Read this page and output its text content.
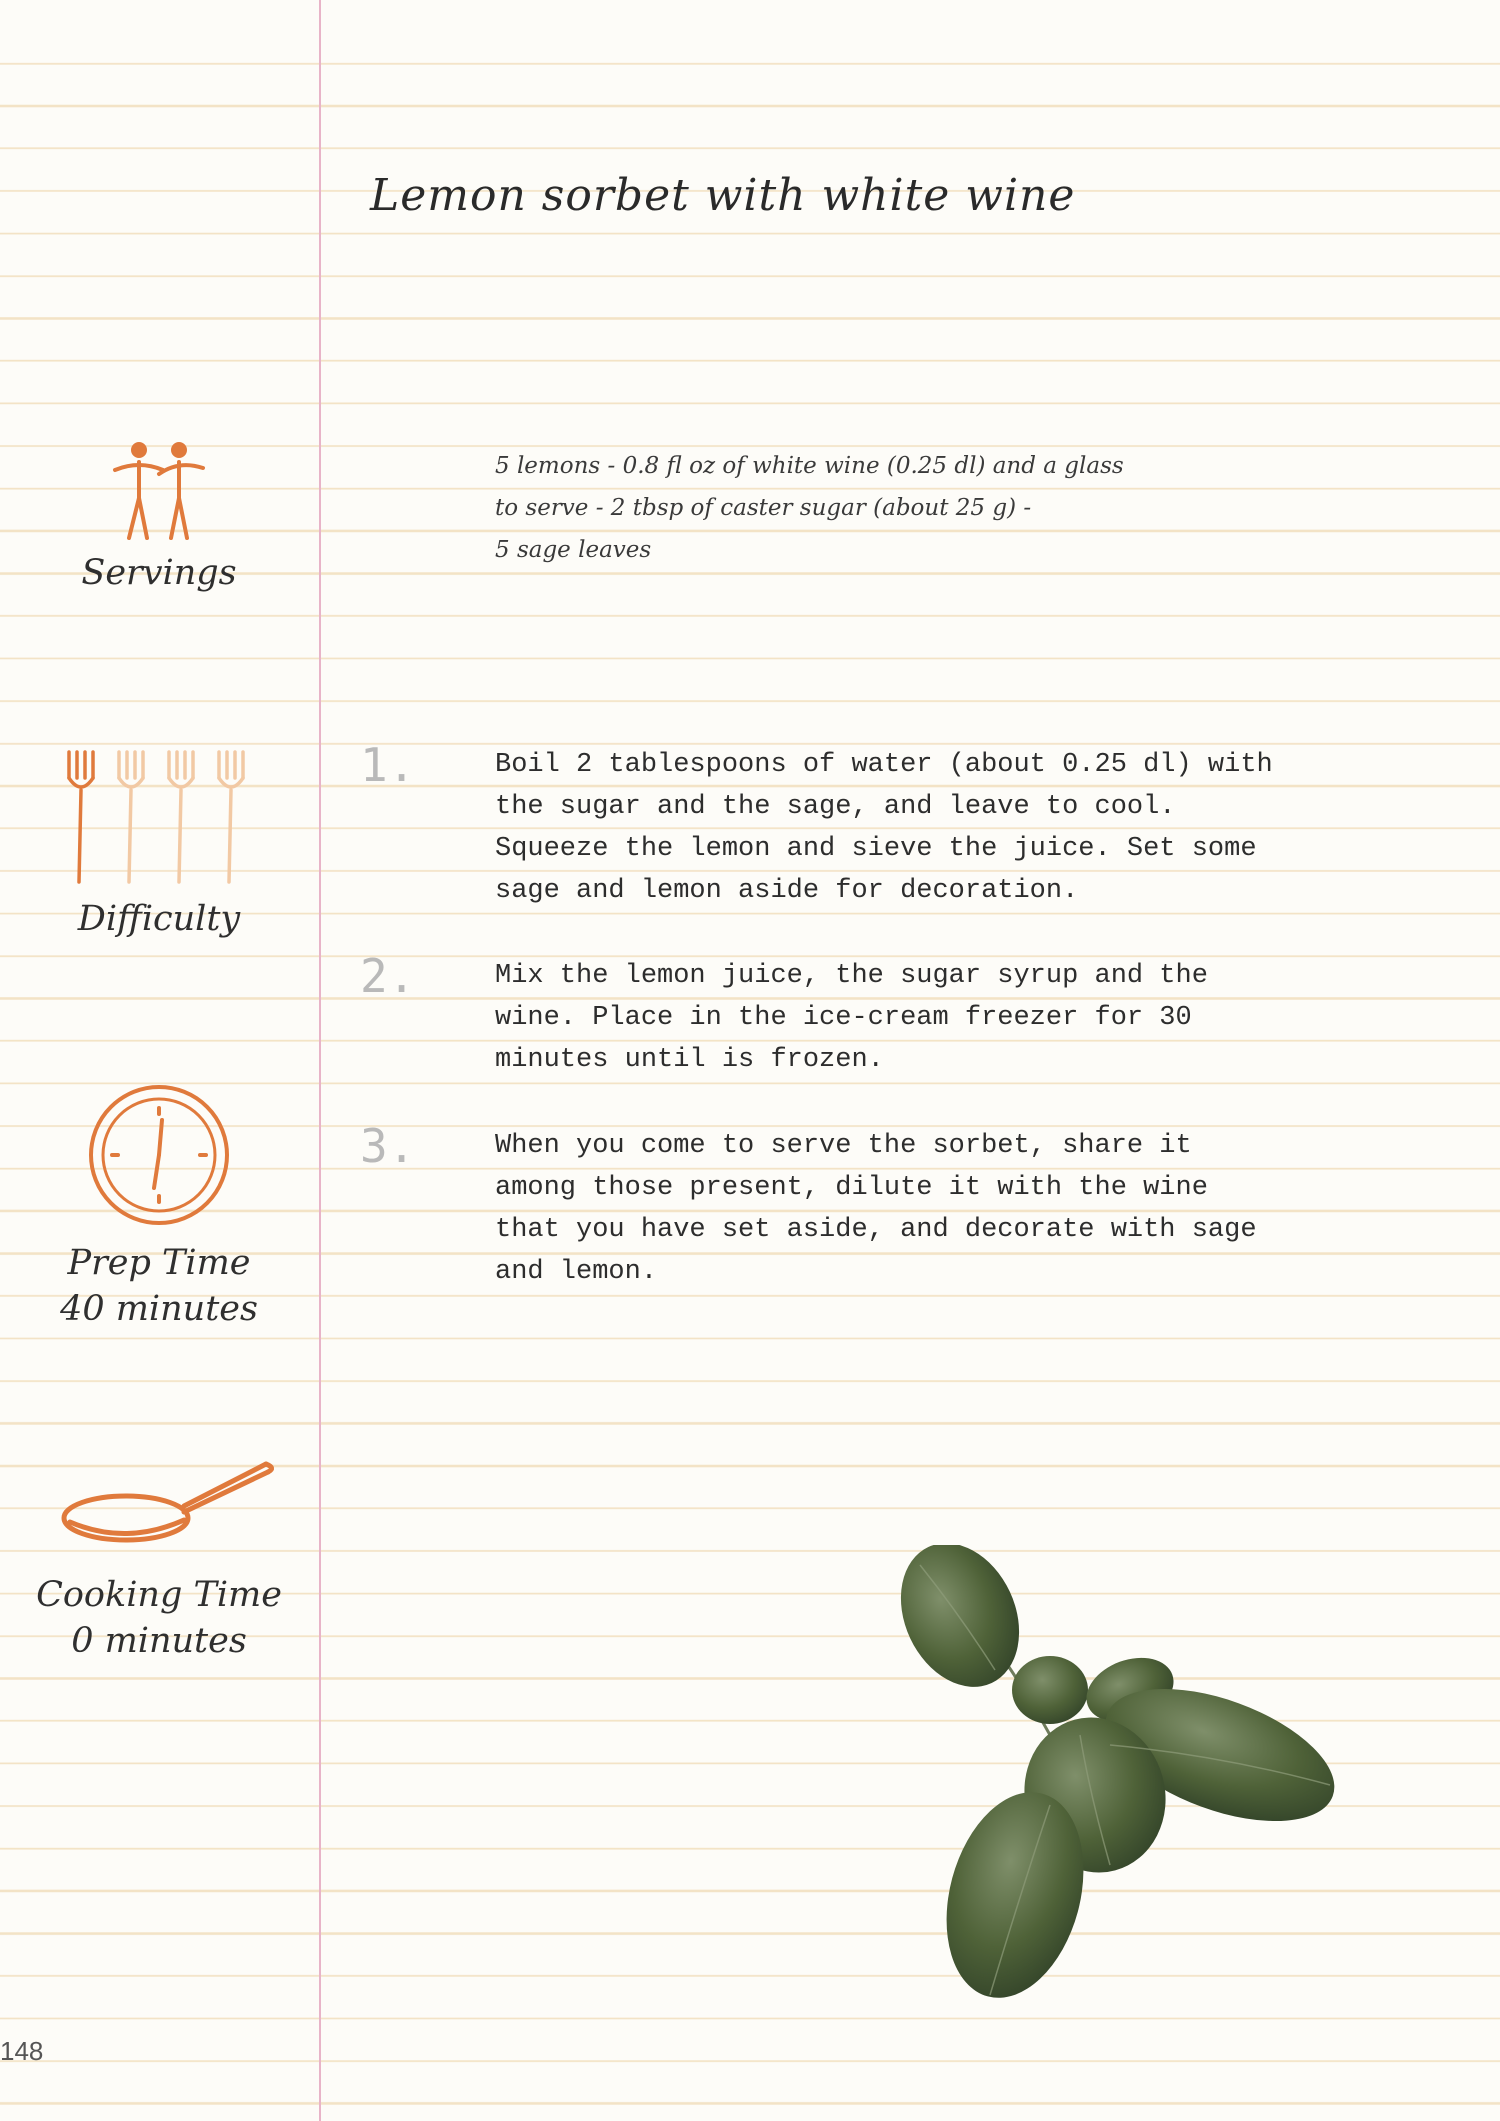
Lemon sorbet with white wine
5 lemons - 0.8 fl oz of white wine (0.25 dl) and a glass
to serve - 2 tbsp of caster sugar (about 25 g) -
5 sage leaves
Servings
Difficulty
Prep Time
40 minutes
Cooking Time
0 minutes
1.	Boil 2 tablespoons of water (about 0.25 dl) with
the sugar and the sage, and leave to cool.
Squeeze the lemon and sieve the juice. Set some
sage and lemon aside for decoration.
2.	Mix the lemon juice, the sugar syrup and the
wine. Place in the ice-cream freezer for 30
minutes until is frozen.
3.	When you come to serve the sorbet, share it
among those present, dilute it with the wine
that you have set aside, and decorate with sage
and lemon.
148
